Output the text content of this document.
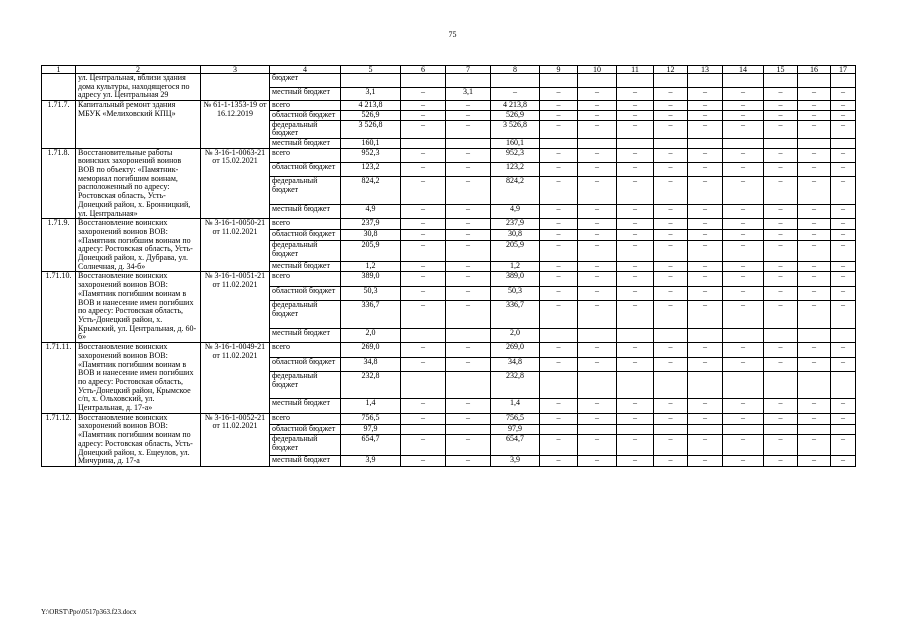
75
1	2	3	4	5	6	7	8	9	10	11	12	13	14	15	16	17
	ул. Центральная, вблизи здания дома культуры, находящегося по адресу ул. Центральная 29		бюджет													
			местный бюджет	3,1	–	3,1	–	–	–	–	–	–	–	–	–	–
1.71.7.	Капитальный ремонт здания МБУК «Мелиховский КПЦ»	№ 61-1-1353-19 от 16.12.2019	всего	4 213,8	–	–	4 213,8	–	–	–	–	–	–	–	–	–
			областной бюджет	526,9	–	–	526,9	–	–	–	–	–	–	–	–	–
			федеральный бюджет	3 526,8	–	–	3 526,8	–	–	–	–	–	–	–	–	–
			местный бюджет	160,1			160,1									
1.71.8.	Восстановительные работы воинских захоронений воинов ВОВ по объекту: «Памятник-мемориал погибшим воинам, расположенный по адресу: Ростовская область, Усть-Донецкий район, х. Бронницкий, ул. Центральная»	№ 3-16-1-0063-21 от 15.02.2021	всего	952,3	–	–	952,3	–	–	–	–	–	–	–	–	–
			областной бюджет	123,2	–	–	123,2	–	–	–	–	–	–	–	–	–
			федеральный бюджет	824,2	–	–	824,2	–	–	–	–	–	–	–	–	–
			местный бюджет	4,9	–	–	4,9	–	–	–	–	–	–	–	–	–
1.71.9.	Восстановление воинских захоронений воинов ВОВ: «Памятник погибшим воинам по адресу: Ростовская область, Усть-Донецкий район, х. Дубрава, ул. Солнечная, д. 34-б»	№ 3-16-1-0050-21 от 11.02.2021	всего	237,9	–	–	237,9	–	–	–	–	–	–	–	–	–
			областной бюджет	30,8	–	–	30,8	–	–	–	–	–	–	–	–	–
			федеральный бюджет	205,9	–	–	205,9	–	–	–	–	–	–	–	–	–
			местный бюджет	1,2	–	–	1,2	–	–	–	–	–	–	–	–	–
1.71.10.	Восстановление воинских захоронений воинов ВОВ: «Памятник погибшим воинам в ВОВ и нанесение имен погибших по адресу: Ростовская область, Усть-Донецкий район, х. Крымский, ул. Центральная, д. 60-б»	№ 3-16-1-0051-21 от 11.02.2021	всего	389,0	–	–	389,0	–	–	–	–	–	–	–	–	–
			областной бюджет	50,3	–	–	50,3	–	–	–	–	–	–	–	–	–
			федеральный бюджет	336,7	–	–	336,7	–	–	–	–	–	–	–	–	–
			местный бюджет	2,0			2,0									
1.71.11.	Восстановление воинских захоронений воинов ВОВ: «Памятник погибшим воинам в ВОВ и нанесение имен погибших по адресу: Ростовская область, Усть-Донецкий район, Крымское с/п, х. Ольховский, ул. Центральная, д. 17-а»	№ 3-16-1-0049-21 от 11.02.2021	всего	269,0	–	–	269,0	–	–	–	–	–	–	–	–	–
			областной бюджет	34,8	–	–	34,8	–	–	–	–	–	–	–	–	–
			федеральный бюджет	232,8			232,8									
			местный бюджет	1,4	–	–	1,4	–	–	–	–	–	–	–	–	–
1.71.12.	Восстановление воинских захоронений воинов ВОВ: «Памятник погибшим воинам по адресу: Ростовская область, Усть-Донецкий район, х. Ещеулов, ул. Мичурина, д. 17-а	№ 3-16-1-0052-21 от 11.02.2021	всего	756,5	–	–	756,5	–	–	–	–	–	–	–	–	–
			областной бюджет	97,9			97,9									
			федеральный бюджет	654,7	–	–	654,7	–	–	–	–	–	–	–	–	–
			местный бюджет	3,9	–	–	3,9	–	–	–	–	–	–	–	–	–
Y:\ORST\Ppo\0517p363.f23.docx
